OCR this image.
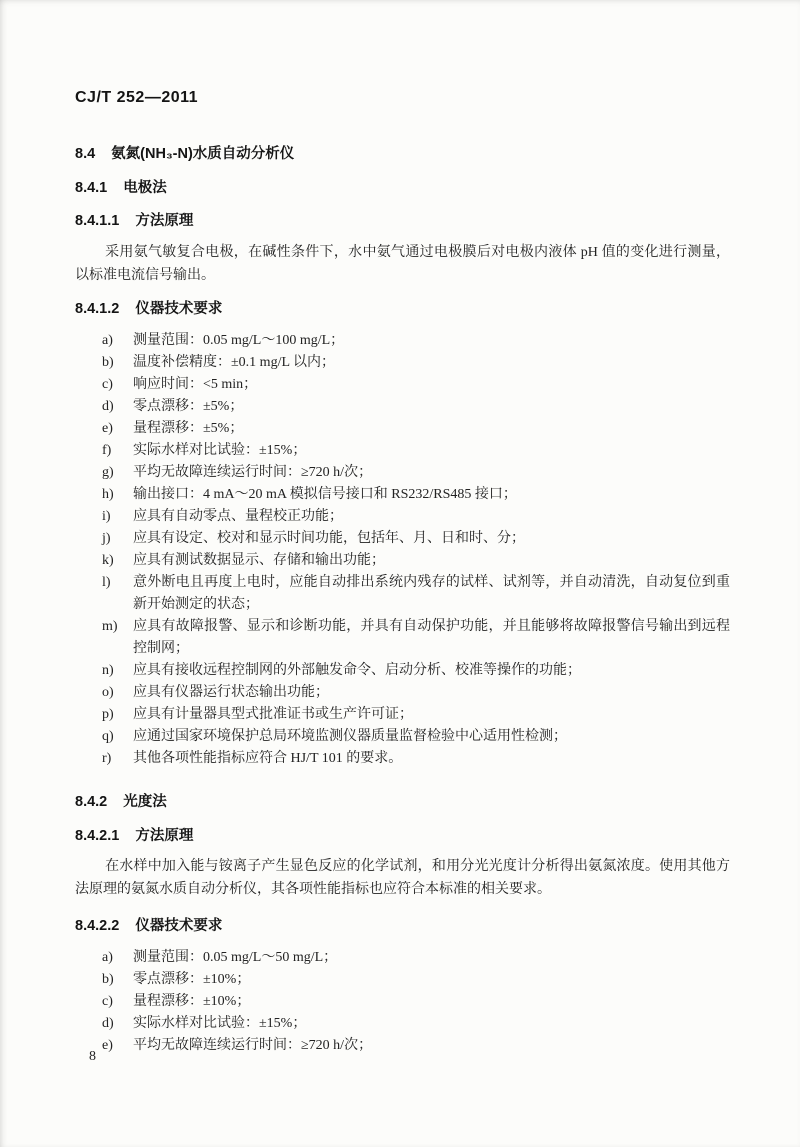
CJ/T 252—2011
8.4 氨氮(NH₃-N)水质自动分析仪
8.4.1 电极法
8.4.1.1 方法原理
采用氨气敏复合电极，在碱性条件下，水中氨气通过电极膜后对电极内液体 pH 值的变化进行测量，以标准电流信号输出。
8.4.1.2 仪器技术要求
a)	测量范围：0.05 mg/L～100 mg/L；
b)	温度补偿精度：±0.1 mg/L 以内；
c)	响应时间：<5 min；
d)	零点漂移：±5%；
e)	量程漂移：±5%；
f)	实际水样对比试验：±15%；
g)	平均无故障连续运行时间：≥720 h/次；
h)	输出接口：4 mA～20 mA 模拟信号接口和 RS232/RS485 接口；
i)	应具有自动零点、量程校正功能；
j)	应具有设定、校对和显示时间功能，包括年、月、日和时、分；
k)	应具有测试数据显示、存储和输出功能；
l)	意外断电且再度上电时，应能自动排出系统内残存的试样、试剂等，并自动清洗，自动复位到重新开始测定的状态；
m)	应具有故障报警、显示和诊断功能，并具有自动保护功能，并且能够将故障报警信号输出到远程控制网；
n)	应具有接收远程控制网的外部触发命令、启动分析、校准等操作的功能；
o)	应具有仪器运行状态输出功能；
p)	应具有计量器具型式批准证书或生产许可证；
q)	应通过国家环境保护总局环境监测仪器质量监督检验中心适用性检测；
r)	其他各项性能指标应符合 HJ/T 101 的要求。
8.4.2 光度法
8.4.2.1 方法原理
在水样中加入能与铵离子产生显色反应的化学试剂，和用分光光度计分析得出氨氮浓度。使用其他方法原理的氨氮水质自动分析仪，其各项性能指标也应符合本标准的相关要求。
8.4.2.2 仪器技术要求
a)	测量范围：0.05 mg/L～50 mg/L；
b)	零点漂移：±10%；
c)	量程漂移：±10%；
d)	实际水样对比试验：±15%；
e)	平均无故障连续运行时间：≥720 h/次；
8
